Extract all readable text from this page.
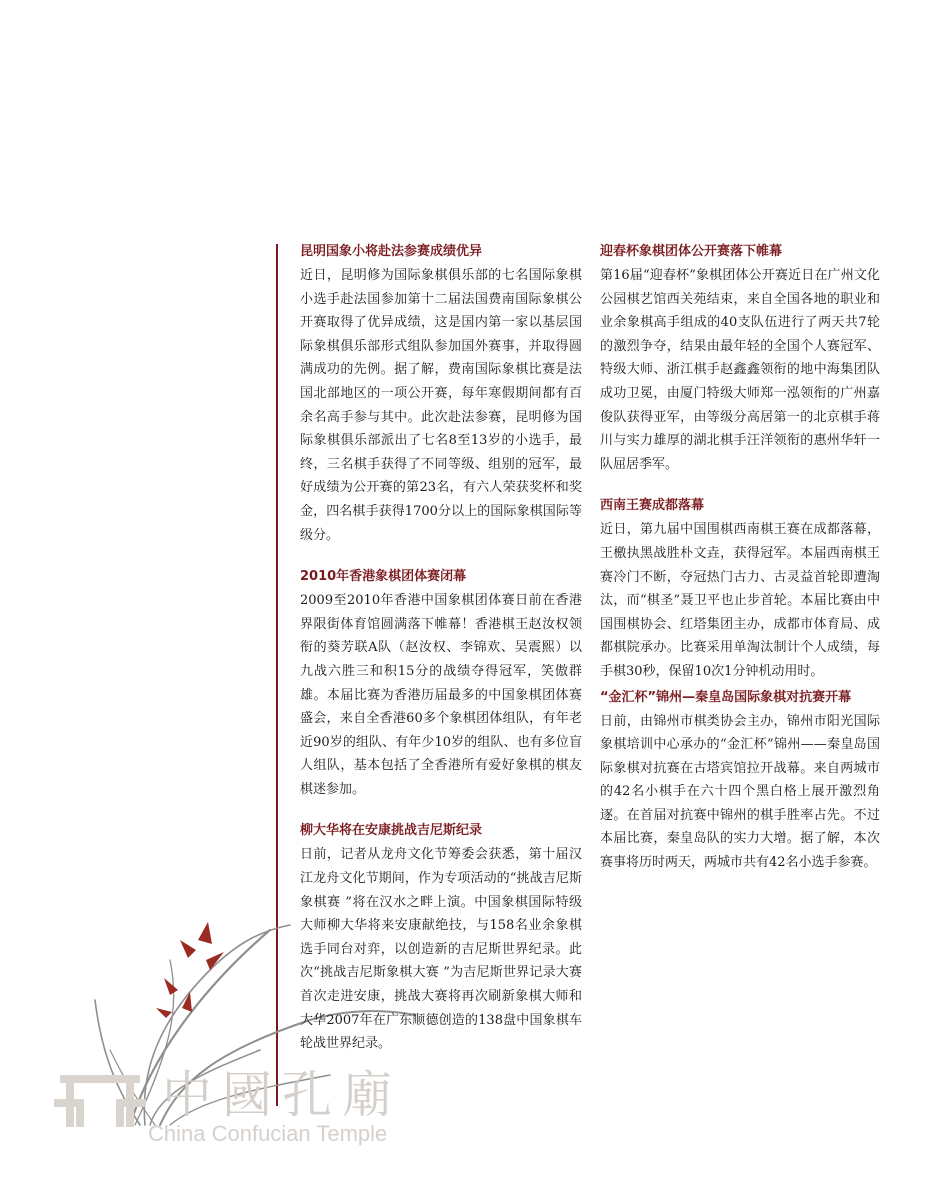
中國孔廟
China Confucian Temple
昆明国象小将赴法参赛成绩优异

近日，昆明修为国际象棋俱乐部的七名国际象棋小选手赴法国参加第十二届法国费南国际象棋公开赛取得了优异成绩，这是国内第一家以基层国际象棋俱乐部形式组队参加国外赛事，并取得圆满成功的先例。据了解，费南国际象棋比赛是法国北部地区的一项公开赛，每年寒假期间都有百余名高手参与其中。此次赴法参赛，昆明修为国际象棋俱乐部派出了七名8至13岁的小选手，最终，三名棋手获得了不同等级、组别的冠军，最好成绩为公开赛的第23名，有六人荣获奖杯和奖金，四名棋手获得1700分以上的国际象棋国际等级分。

2010年香港象棋团体赛闭幕

2009至2010年香港中国象棋团体赛日前在香港界限街体育馆圆满落下帷幕！香港棋王赵汝权领衔的葵芳联A队（赵汝权、李锦欢、吴震熙）以九战六胜三和积15分的战绩夺得冠军，笑傲群雄。本届比赛为香港历届最多的中国象棋团体赛盛会，来自全香港60多个象棋团体组队，有年老近90岁的组队、有年少10岁的组队、也有多位盲人组队，基本包括了全香港所有爱好象棋的棋友棋迷参加。

柳大华将在安康挑战吉尼斯纪录

日前，记者从龙舟文化节筹委会获悉，第十届汉江龙舟文化节期间，作为专项活动的“挑战吉尼斯象棋赛 ”将在汉水之畔上演。中国象棋国际特级大师柳大华将来安康献绝技，与158名业余象棋选手同台对弈，以创造新的吉尼斯世界纪录。此次“挑战吉尼斯象棋大赛 ”为吉尼斯世界记录大赛首次走进安康，挑战大赛将再次刷新象棋大师和大华2007年在广东顺德创造的138盘中国象棋车轮战世界纪录。

迎春杯象棋团体公开赛落下帷幕

第16届“迎春杯”象棋团体公开赛近日在广州文化公园棋艺馆西关苑结束，来自全国各地的职业和业余象棋高手组成的40支队伍进行了两天共7轮的激烈争夺，结果由最年轻的全国个人赛冠军、特级大师、浙江棋手赵鑫鑫领衔的地中海集团队成功卫冕，由厦门特级大师郑一泓领衔的广州嘉俊队获得亚军，由等级分高居第一的北京棋手蒋川与实力雄厚的湖北棋手汪洋领衔的惠州华轩一队屈居季军。

西南王赛成都落幕

近日，第九届中国围棋西南棋王赛在成都落幕，王檄执黑战胜朴文垚，获得冠军。本届西南棋王赛冷门不断，夺冠热门古力、古灵益首轮即遭淘汰，而“棋圣”聂卫平也止步首轮。本届比赛由中国围棋协会、红塔集团主办，成都市体育局、成都棋院承办。比赛采用单淘汰制计个人成绩，每手棋30秒，保留10次1分钟机动用时。

“金汇杯”锦州—秦皇岛国际象棋对抗赛开幕

日前，由锦州市棋类协会主办，锦州市阳光国际象棋培训中心承办的“金汇杯”锦州——秦皇岛国际象棋对抗赛在古塔宾馆拉开战幕。来自两城市的42名小棋手在六十四个黑白格上展开激烈角逐。在首届对抗赛中锦州的棋手胜率占先。不过本届比赛，秦皇岛队的实力大增。据了解，本次赛事将历时两天，两城市共有42名小选手参赛。
